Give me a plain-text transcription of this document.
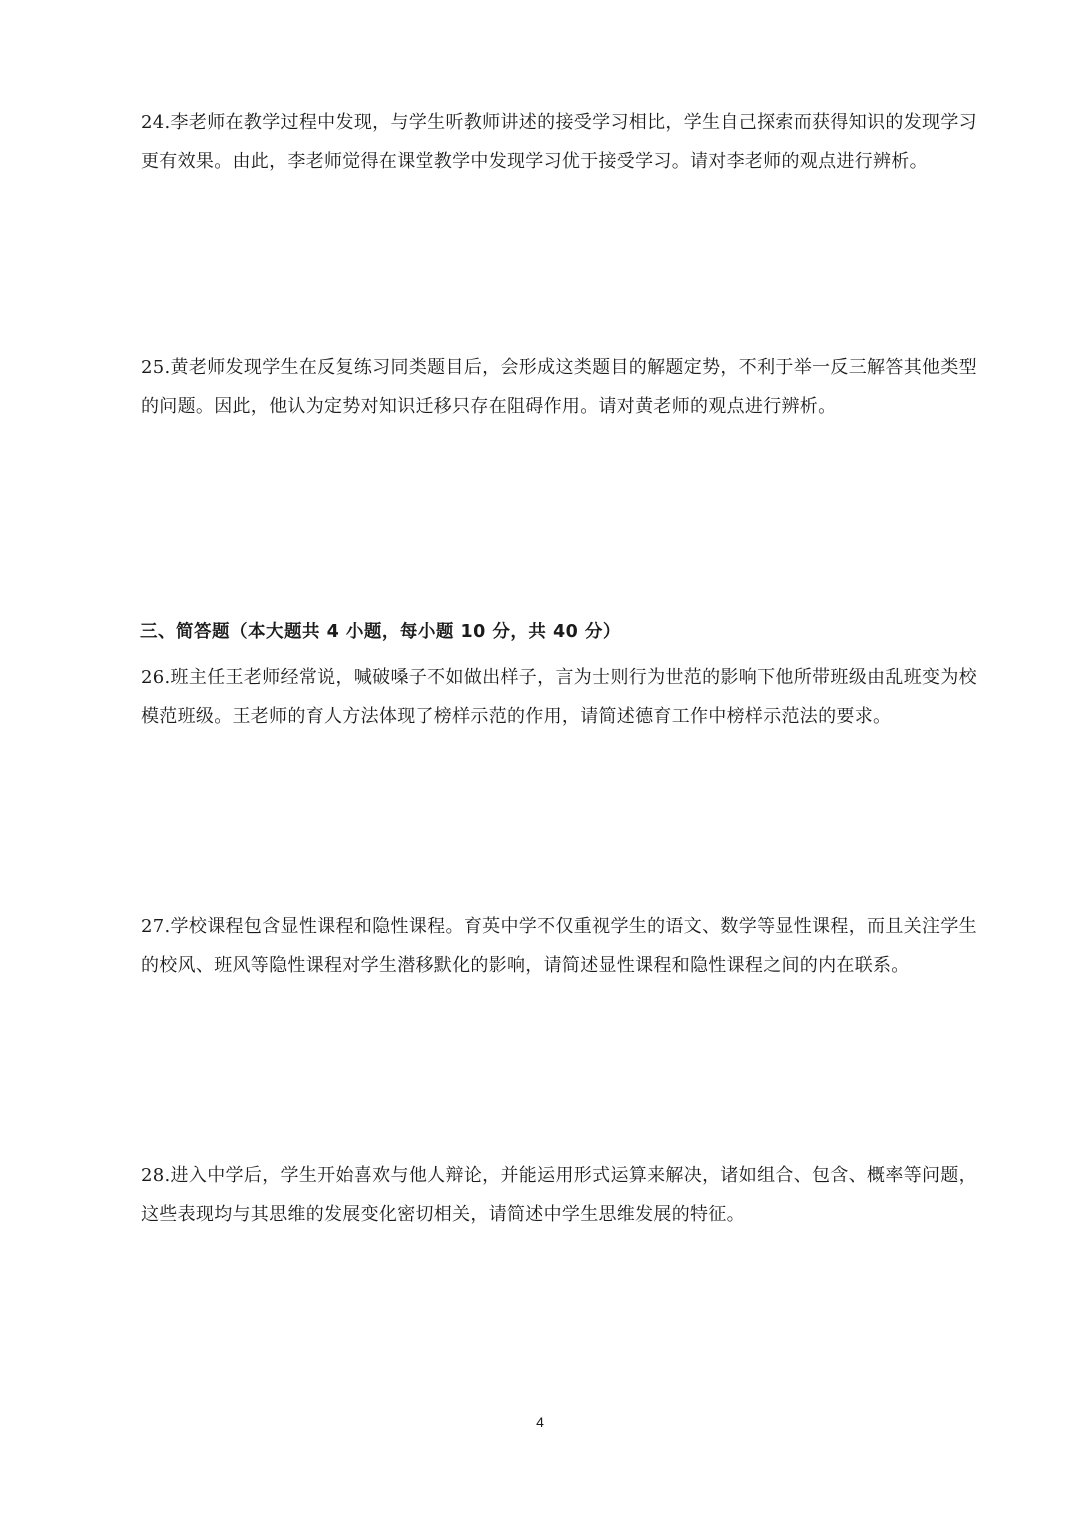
24.李老师在教学过程中发现，与学生听教师讲述的接受学习相比，学生自己探索而获得知识的发现学习更有效果。由此，李老师觉得在课堂教学中发现学习优于接受学习。请对李老师的观点进行辨析。
25.黄老师发现学生在反复练习同类题目后，会形成这类题目的解题定势，不利于举一反三解答其他类型的问题。因此，他认为定势对知识迁移只存在阻碍作用。请对黄老师的观点进行辨析。
三、简答题（本大题共 4 小题，每小题 10 分，共 40 分）
26.班主任王老师经常说，喊破嗓子不如做出样子，言为士则行为世范的影响下他所带班级由乱班变为校模范班级。王老师的育人方法体现了榜样示范的作用，请简述德育工作中榜样示范法的要求。
27.学校课程包含显性课程和隐性课程。育英中学不仅重视学生的语文、数学等显性课程，而且关注学生的校风、班风等隐性课程对学生潜移默化的影响，请简述显性课程和隐性课程之间的内在联系。
28.进入中学后，学生开始喜欢与他人辩论，并能运用形式运算来解决，诸如组合、包含、概率等问题，这些表现均与其思维的发展变化密切相关，请简述中学生思维发展的特征。
4
